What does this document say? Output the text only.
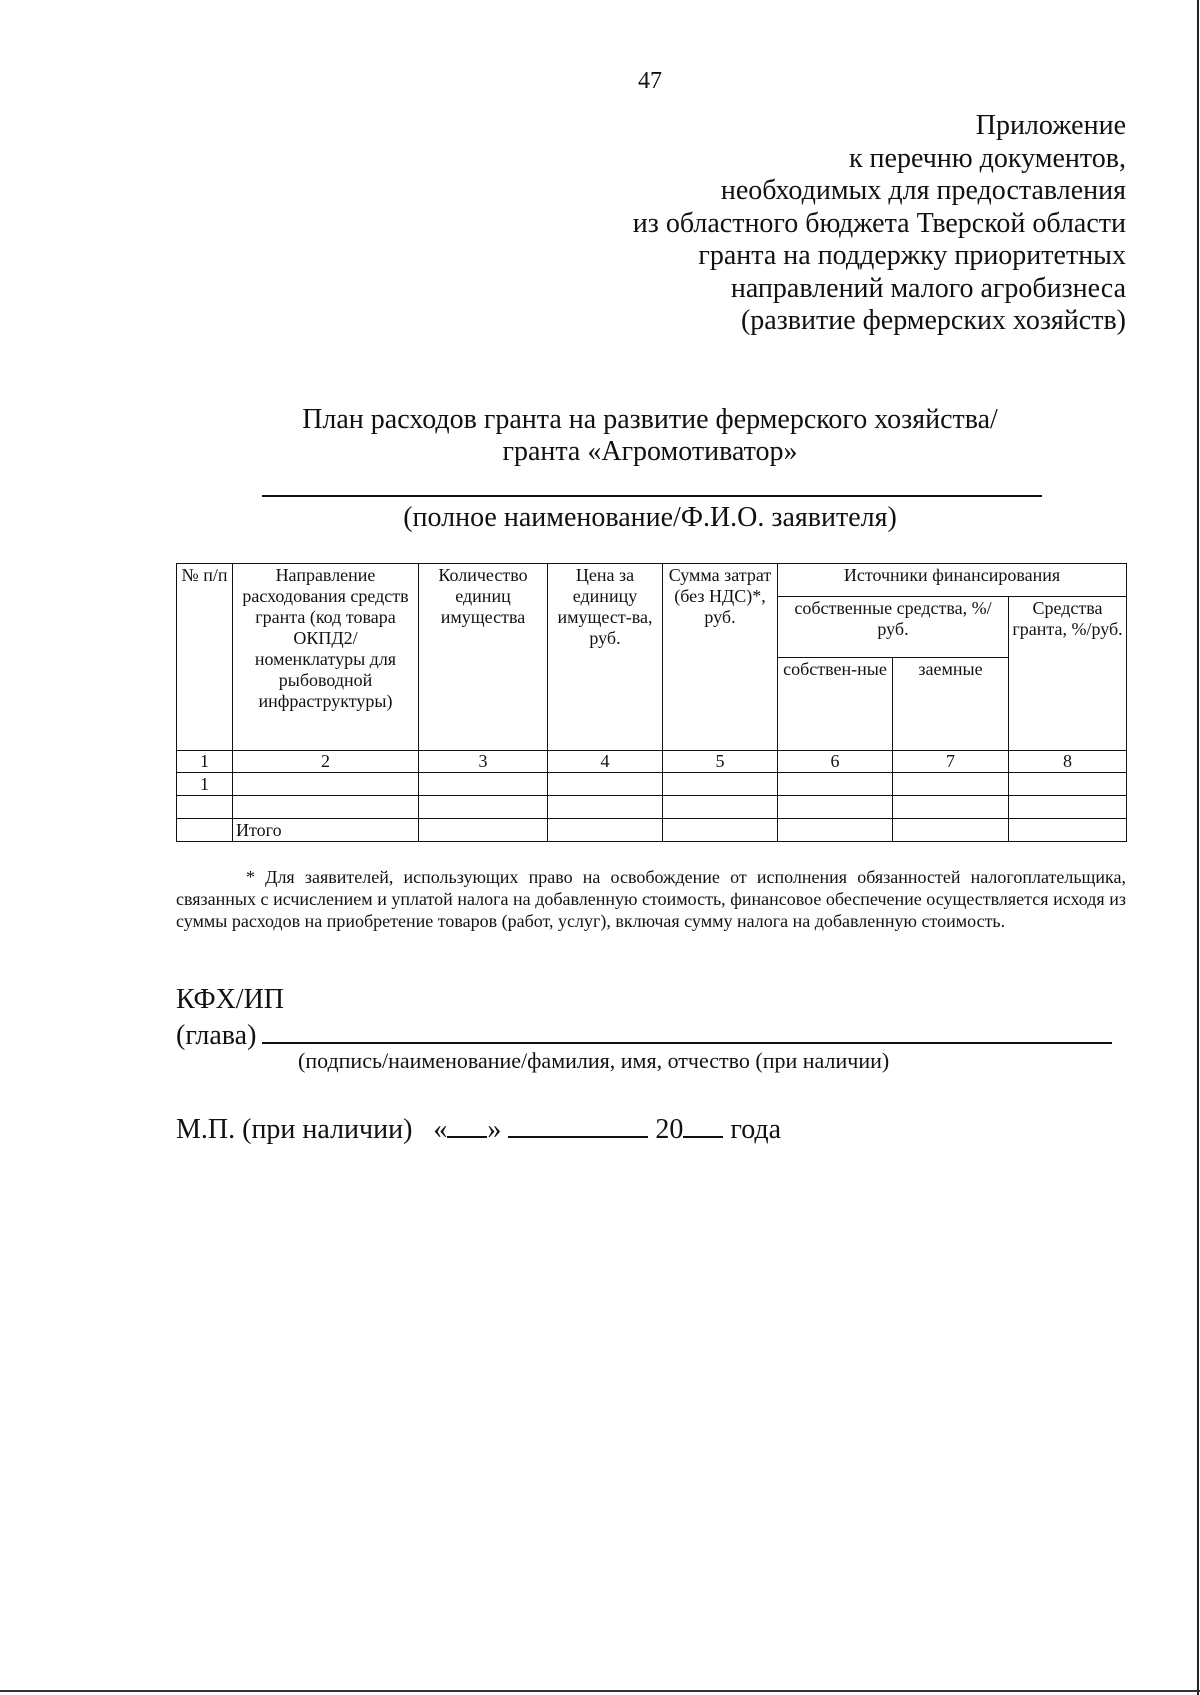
47
Приложение
к перечню документов,
необходимых для предоставления
из областного бюджета Тверской области
гранта на поддержку приоритетных
направлений малого агробизнеса
(развитие фермерских хозяйств)
План расходов гранта на развитие фермерского хозяйства/
гранта «Агромотиватор»
(полное наименование/Ф.И.О. заявителя)
№ п/п	Направление расходования средств гранта (код товара ОКПД2/ номенклатуры для рыбоводной инфраструктуры)	Количество единиц имущества	Цена за единицу имущест-ва, руб.	Сумма затрат (без НДС)*, руб.	Источники финансирования		
					собственные средства, %/руб.		Средства гранта, %/руб.
					собствен-ные	заемные	
1	2	3	4	5	6	7	8
1							

	Итого						
* Для заявителей, использующих право на освобождение от исполнения обязанностей налогоплательщика, связанных с исчислением и уплатой налога на добавленную стоимость, финансовое обеспечение осуществляется исходя из суммы расходов на приобретение товаров (работ, услуг), включая сумму налога на добавленную стоимость.
КФХ/ИП
(глава)
(подпись/наименование/фамилия, имя, отчество (при наличии)
М.П. (при наличии) « »	20 года
